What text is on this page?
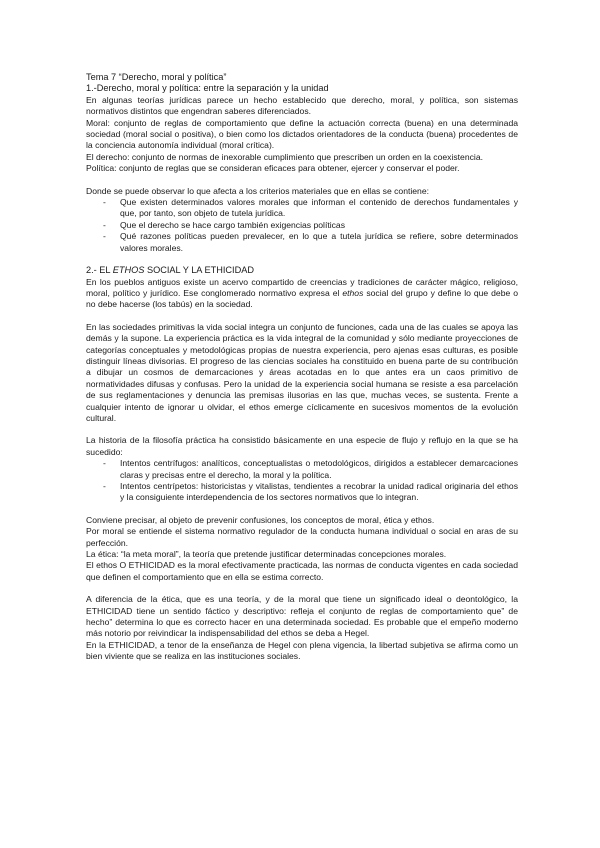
Tema 7 “Derecho, moral y política”

1.-Derecho, moral y política: entre la separación y la unidad

En algunas teorías jurídicas parece un hecho establecido que derecho, moral, y política, son sistemas normativos distintos que engendran saberes diferenciados.

Moral: conjunto de reglas de comportamiento que define la actuación correcta (buena) en una determinada sociedad (moral social o positiva), o bien como los dictados orientadores de la conducta (buena) procedentes de la conciencia autonomía individual (moral crítica).

El derecho: conjunto de normas de inexorable cumplimiento que prescriben un orden en la coexistencia.

Política: conjunto de reglas que se consideran eficaces para obtener, ejercer y conservar el poder.

Donde se puede observar lo que afecta a los criterios materiales que en ellas se contiene:

- Que existen determinados valores morales que informan el contenido de derechos fundamentales y que, por tanto, son objeto de tutela jurídica.
- Que el derecho se hace cargo también exigencias políticas
- Qué razones políticas pueden prevalecer, en lo que a tutela jurídica se refiere, sobre determinados valores morales.

2.- EL ETHOS SOCIAL Y LA ETHICIDAD

En los pueblos antiguos existe un acervo compartido de creencias y tradiciones de carácter mágico, religioso, moral, político y jurídico. Ese conglomerado normativo expresa el ethos social del grupo y define lo que debe o no debe hacerse (los tabús) en la sociedad.

En las sociedades primitivas la vida social integra un conjunto de funciones, cada una de las cuales se apoya las demás y la supone. La experiencia práctica es la vida integral de la comunidad y sólo mediante proyecciones de categorías conceptuales y metodológicas propias de nuestra experiencia, pero ajenas esas culturas, es posible distinguir líneas divisorias. El progreso de las ciencias sociales ha constituido en buena parte de su contribución a dibujar un cosmos de demarcaciones y áreas acotadas en lo que antes era un caos primitivo de normatividades difusas y confusas. Pero la unidad de la experiencia social humana se resiste a esa parcelación de sus reglamentaciones y denuncia las premisas ilusorias en las que, muchas veces, se sustenta. Frente a cualquier intento de ignorar u olvidar, el ethos emerge cíclicamente en sucesivos momentos de la evolución cultural.

La historia de la filosofía práctica ha consistido básicamente en una especie de flujo y reflujo en la que se ha sucedido:

- Intentos centrífugos: analíticos, conceptualistas o metodológicos, dirigidos a establecer demarcaciones claras y precisas entre el derecho, la moral y la política.
- Intentos centrípetos: historicistas y vitalistas, tendientes a recobrar la unidad radical originaria del ethos y la consiguiente interdependencia de los sectores normativos que lo integran.

Conviene precisar, al objeto de prevenir confusiones, los conceptos de moral, ética y ethos.

Por moral se entiende el sistema normativo regulador de la conducta humana individual o social en aras de su perfección.

La ética: “la meta moral”, la teoría que pretende justificar determinadas concepciones morales.

El ethos O ETHICIDAD es la moral efectivamente practicada, las normas de conducta vigentes en cada sociedad que definen el comportamiento que en ella se estima correcto.

A diferencia de la ética, que es una teoría, y de la moral que tiene un significado ideal o deontológico, la ETHICIDAD tiene un sentido fáctico y descriptivo: refleja el conjunto de reglas de comportamiento que” de hecho” determina lo que es correcto hacer en una determinada sociedad. Es probable que el empeño moderno más notorio por reivindicar la indispensabilidad del ethos se deba a Hegel.

En la ETHICIDAD, a tenor de la enseñanza de Hegel con plena vigencia, la libertad subjetiva se afirma como un bien viviente que se realiza en las instituciones sociales.
